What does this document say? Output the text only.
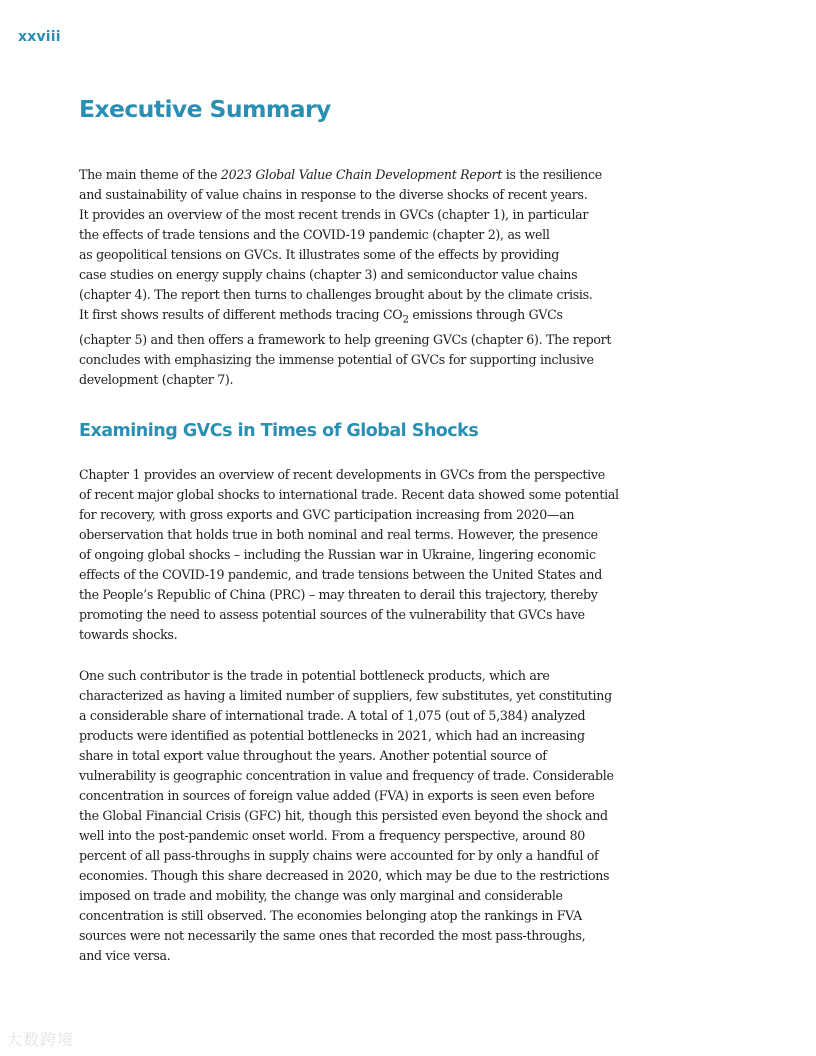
xxviii
Executive Summary
The main theme of the 2023 Global Value Chain Development Report is the resilience
and sustainability of value chains in response to the diverse shocks of recent years.
It provides an overview of the most recent trends in GVCs (chapter 1), in particular
the effects of trade tensions and the COVID-19 pandemic (chapter 2), as well
as geopolitical tensions on GVCs. It illustrates some of the effects by providing
case studies on energy supply chains (chapter 3) and semiconductor value chains
(chapter 4). The report then turns to challenges brought about by the climate crisis.
It first shows results of different methods tracing $CO_2$ emissions through GVCs
(chapter 5) and then offers a framework to help greening GVCs (chapter 6). The report
concludes with emphasizing the immense potential of GVCs for supporting inclusive
development (chapter 7).
Examining GVCs in Times of Global Shocks
Chapter 1 provides an overview of recent developments in GVCs from the perspective
of recent major global shocks to international trade. Recent data showed some potential
for recovery, with gross exports and GVC participation increasing from 2020—an
oberservation that holds true in both nominal and real terms. However, the presence
of ongoing global shocks – including the Russian war in Ukraine, lingering economic
effects of the COVID-19 pandemic, and trade tensions between the United States and
the People’s Republic of China (PRC) – may threaten to derail this trajectory, thereby
promoting the need to assess potential sources of the vulnerability that GVCs have
towards shocks.
One such contributor is the trade in potential bottleneck products, which are
characterized as having a limited number of suppliers, few substitutes, yet constituting
a considerable share of international trade. A total of 1,075 (out of 5,384) analyzed
products were identified as potential bottlenecks in 2021, which had an increasing
share in total export value throughout the years. Another potential source of
vulnerability is geographic concentration in value and frequency of trade. Considerable
concentration in sources of foreign value added (FVA) in exports is seen even before
the Global Financial Crisis (GFC) hit, though this persisted even beyond the shock and
well into the post-pandemic onset world. From a frequency perspective, around 80
percent of all pass-throughs in supply chains were accounted for by only a handful of
economies. Though this share decreased in 2020, which may be due to the restrictions
imposed on trade and mobility, the change was only marginal and considerable
concentration is still observed. The economies belonging atop the rankings in FVA
sources were not necessarily the same ones that recorded the most pass-throughs,
and vice versa.
大数跨境
